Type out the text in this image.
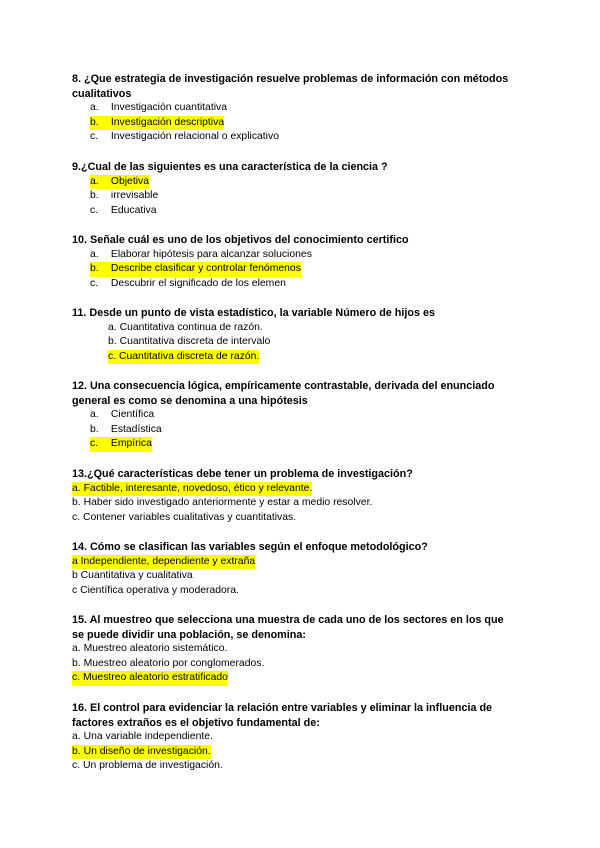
8. ¿Que estrategia de investigación resuelve problemas de información con métodos
cualitativos
a. Investigación cuantitativa
b. Investigación descriptiva
c. Investigación relacional o explicativo
9.¿Cual de las siguientes es una característica de la ciencia ?
a. Objetiva
b. irrevisable
c. Educativa
10. Señale cuál es uno de los objetivos del conocimiento certifico
a. Elaborar hipótesis para alcanzar soluciones
b. Describe clasificar y controlar fenómenos
c. Descubrir el significado de los elemen
11. Desde un punto de vista estadístico, la variable Número de hijos es
a. Cuantitativa continua de razón.
b. Cuantitativa discreta de intervalo
c. Cuantitativa discreta de razón.
12. Una consecuencia lógica, empíricamente contrastable, derivada del enunciado
general es como se denomina a una hipótesis
a. Científica
b. Estadística
c. Empírica
13.¿Qué características debe tener un problema de investigación?
a. Factible, interesante, novedoso, ético y relevante.
b. Haber sido investigado anteriormente y estar a medio resolver.
c. Contener variables cualitativas y cuantitativas.
14. Cómo se clasifican las variables según el enfoque metodológico?
a Independiente, dependiente y extraña
b Cuantitativa y cualitativa
c Científica operativa y moderadora.
15. Al muestreo que selecciona una muestra de cada uno de los sectores en los que
se puede dividir una población, se denomina:
a. Muestreo aleatorio sistemático.
b. Muestreo aleatorio por conglomerados.
c. Muestreo aleatorio estratificado
16. El control para evidenciar la relación entre variables y eliminar la influencia de
factores extraños es el objetivo fundamental de:
a. Una variable independiente.
b. Un diseño de investigación.
c. Un problema de investigación.
